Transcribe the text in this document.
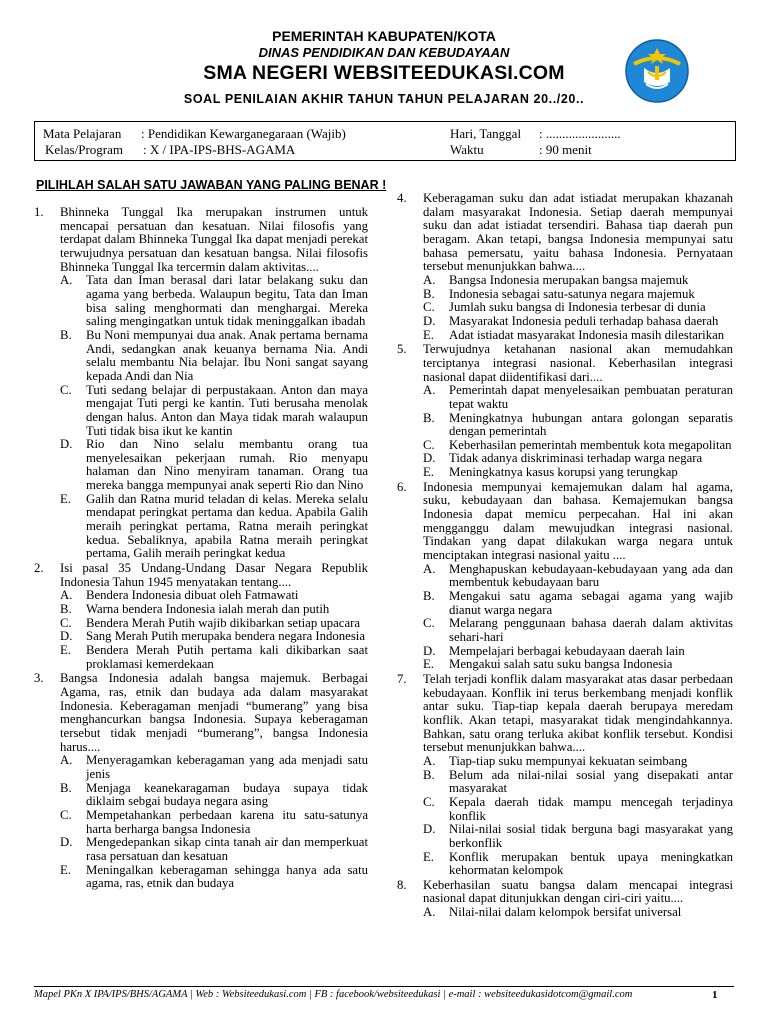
PEMERINTAH KABUPATEN/KOTA
DINAS PENDIDIKAN DAN KEBUDAYAAN
SMA NEGERI WEBSITEEDUKASI.COM
SOAL PENILAIAN AKHIR TAHUN TAHUN PELAJARAN 20../20..
Mata Pelajaran : Pendidikan Kewarganegaraan (Wajib)
Kelas/Program : X / IPA-IPS-BHS-AGAMA
Hari, Tanggal : .......................
Waktu	: 90 menit
PILIHLAH SALAH SATU JAWABAN YANG PALING BENAR !
1. Bhinneka Tunggal Ika merupakan instrumen untuk mencapai persatuan dan kesatuan. Nilai filosofis yang terdapat dalam Bhinneka Tunggal Ika dapat menjadi perekat terwujudnya persatuan dan kesatuan bangsa. Nilai filosofis Bhinneka Tunggal Ika tercermin dalam aktivitas....
A. Tata dan Iman berasal dari latar belakang suku dan agama yang berbeda. Walaupun begitu, Tata dan Iman bisa saling menghormati dan menghargai. Mereka saling mengingatkan untuk tidak meninggalkan ibadah
B. Bu Noni mempunyai dua anak. Anak pertama bernama Andi, sedangkan anak keuanya bernama Nia. Andi selalu membantu Nia belajar. Ibu Noni sangat sayang kepada Andi dan Nia
C. Tuti sedang belajar di perpustakaan. Anton dan maya mengajat Tuti pergi ke kantin. Tuti berusaha menolak dengan halus. Anton dan Maya tidak marah walaupun Tuti tidak bisa ikut ke kantin
D. Rio dan Nino selalu membantu orang tua menyelesaikan pekerjaan rumah. Rio menyapu halaman dan Nino menyiram tanaman. Orang tua mereka bangga mempunyai anak seperti Rio dan Nino
E. Galih dan Ratna murid teladan di kelas. Mereka selalu mendapat peringkat pertama dan kedua. Apabila Galih meraih peringkat pertama, Ratna meraih peringkat kedua. Sebaliknya, apabila Ratna meraih peringkat pertama, Galih meraih peringkat kedua
2. Isi pasal 35 Undang-Undang Dasar Negara Republik Indonesia Tahun 1945 menyatakan tentang....
A. Bendera Indonesia dibuat oleh Fatmawati
B. Warna bendera Indonesia ialah merah dan putih
C. Bendera Merah Putih wajib dikibarkan setiap upacara
D. Sang Merah Putih merupaka bendera negara Indonesia
E. Bendera Merah Putih pertama kali dikibarkan saat proklamasi kemerdekaan
3. Bangsa Indonesia adalah bangsa majemuk. Berbagai Agama, ras, etnik dan budaya ada dalam masyarakat Indonesia. Keberagaman menjadi “bumerang” yang bisa menghancurkan bangsa Indonesia. Supaya keberagaman tersebut tidak menjadi “bumerang”, bangsa Indonesia harus....
A. Menyeragamkan keberagaman yang ada menjadi satu jenis
B. Menjaga keanekaragaman budaya supaya tidak diklaim sebgai budaya negara asing
C. Mempetahankan perbedaan karena itu satu-satunya harta berharga bangsa Indonesia
D. Mengedepankan sikap cinta tanah air dan memperkuat rasa persatuan dan kesatuan
E. Meningalkan keberagaman sehingga hanya ada satu agama, ras, etnik dan budaya
4. Keberagaman suku dan adat istiadat merupakan khazanah dalam masyarakat Indonesia. Setiap daerah mempunyai suku dan adat istiadat tersendiri. Bahasa tiap daerah pun beragam. Akan tetapi, bangsa Indonesia mempunyai satu bahasa pemersatu, yaitu bahasa Indonesia. Pernyataan tersebut menunjukkan bahwa....
A. Bangsa Indonesia merupakan bangsa majemuk
B. Indonesia sebagai satu-satunya negara majemuk
C. Jumlah suku bangsa di Indonesia terbesar di dunia
D. Masyarakat Indonesia peduli terhadap bahasa daerah
E. Adat istiadat masyarakat Indonesia masih dilestarikan
5. Terwujudnya ketahanan nasional akan memudahkan terciptanya integrasi nasional. Keberhasilan integrasi nasional dapat diidentifikasi dari....
A. Pemerintah dapat menyelesaikan pembuatan peraturan tepat waktu
B. Meningkatnya hubungan antara golongan separatis dengan pemerintah
C. Keberhasilan pemerintah membentuk kota megapolitan
D. Tidak adanya diskriminasi terhadap warga negara
E. Meningkatnya kasus korupsi yang terungkap
6. Indonesia mempunyai kemajemukan dalam hal agama, suku, kebudayaan dan bahasa. Kemajemukan bangsa Indonesia dapat memicu perpecahan. Hal ini akan mengganggu dalam mewujudkan integrasi nasional. Tindakan yang dapat dilakukan warga negara untuk menciptakan integrasi nasional yaitu ....
A. Menghapuskan kebudayaan-kebudayaan yang ada dan membentuk kebudayaan baru
B. Mengakui satu agama sebagai agama yang wajib dianut warga negara
C. Melarang penggunaan bahasa daerah dalam aktivitas sehari-hari
D. Mempelajari berbagai kebudayaan daerah lain
E. Mengakui salah satu suku bangsa Indonesia
7. Telah terjadi konflik dalam masyarakat atas dasar perbedaan kebudayaan. Konflik ini terus berkembang menjadi konflik antar suku. Tiap-tiap kepala daerah berupaya meredam konflik. Akan tetapi, masyarakat tidak mengindahkannya. Bahkan, satu orang terluka akibat konflik tersebut. Kondisi tersebut menunjukkan bahwa....
A. Tiap-tiap suku mempunyai kekuatan seimbang
B. Belum ada nilai-nilai sosial yang disepakati antar masyarakat
C. Kepala daerah tidak mampu mencegah terjadinya konflik
D. Nilai-nilai sosial tidak berguna bagi masyarakat yang berkonflik
E. Konflik merupakan bentuk upaya meningkatkan kehormatan kelompok
8. Keberhasilan suatu bangsa dalam mencapai integrasi nasional dapat ditunjukkan dengan ciri-ciri yaitu....
A. Nilai-nilai dalam kelompok bersifat universal
Mapel PKn X IPA/IPS/BHS/AGAMA | Web : Websiteedukasi.com | FB : facebook/websiteedukasi | e-mail : websiteedukasidotcom@gmail.com	1
